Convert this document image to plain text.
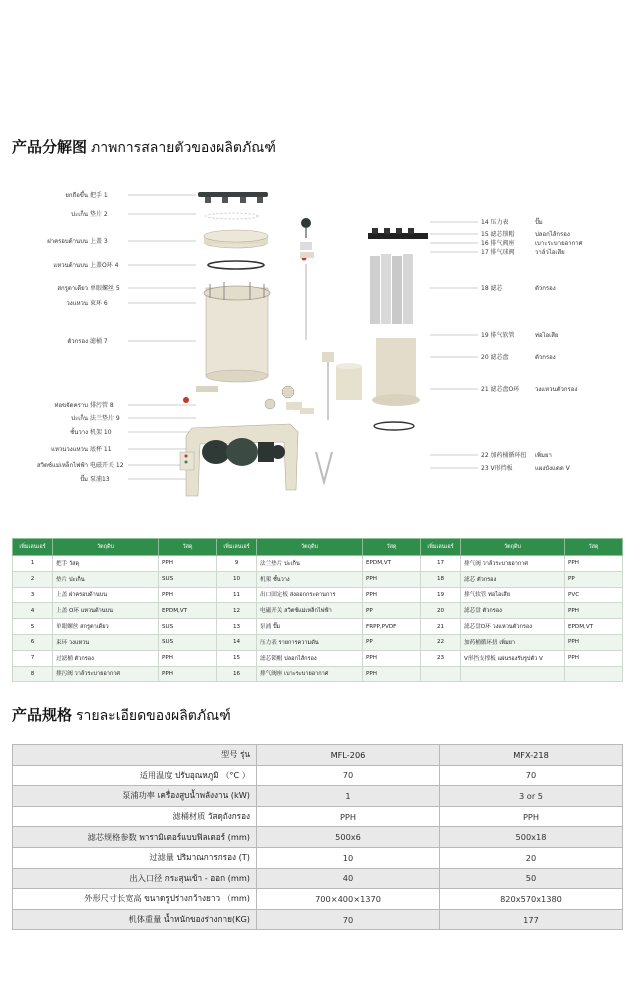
产品分解图 ภาพการสลายตัวของผลิตภัณฑ์
ยกถือขึ้น 把手 1
ปะเก็น 垫片 2
ฝาครอบด้านบน 上盖 3
แหวนด้านบน 上盖O环 4
สกรูตาเดียว 单眼螺丝 5
วงแหวน 束环 6
ตัวกรอง 滤桶 7
ท่อขจัดคราบ 排污管 8
ปะเก็น 法兰垫片 9
ชั้นวาง 机架 10
แหวนวงแหวน 底杯 11
สวิตช์แม่เหล็กไฟฟ้า 电磁开关 12
ปั๊ม 泵浦13
14 压力表	ปั๊ม
15 滤芯锁帽	ปลอกไส้กรอง
16 排气阀座	เบาะระบายอากาศ
17 排气球阀	วาล์วไอเสีย
18 滤芯	ตัวกรอง
19 排气软管	ท่อไอเสีย
20 滤芯盘	ตัวกรอง
21 滤芯盘O环	วงแหวนตัวกรอง
22 加药桶循环扭 เพิ่มยา
23 V形挡板	แผงบังแดด V
เพิ่มเลนเอร์	วัตถุดิบ	วัสดุ	เพิ่มเลนเอร์	วัตถุดิบ	วัสดุ	เพิ่มเลนเอร์	วัตถุดิบ	วัสดุ
1	把手 วัสดุ	PPH	9	法兰垫片 ปะเก็น	EPDM,VT	17	排气阀 วาล์วระบายอากาศ	PPH
2	垫片 ปะเก็น	SUS	10	机架 ชั้นวาง	PPH	18	滤芯 ตัวกรอง	PP
3	上盖 ฝาครอบด้านบน	PPH	11	出口固定板 ส่งออกกระดานการ	PPH	19	排气软管 ท่อไอเสีย	PVC
4	上盖 O环 แหวนด้านบน	EPDM,VT	12	电磁开关 สวิตช์แม่เหล็กไฟฟ้า	PP	20	滤芯盘 ตัวกรอง	PPH
5	单眼螺丝 สกรูตาเดียว	SUS	13	泵浦 ปั๊ม	FRPP,PVDF	21	滤芯盘O环 วงแหวนตัวกรอง	EPDM,VT
6	束环 วงแหวน	SUS	14	压力表 รายการความดัน	PP	22	加药桶循环扭 เพิ่มยา	PPH
7	过滤桶 ตัวกรอง	PPH	15	滤芯锁帽 ปลอกไส้กรอง	PPH	23	V形挡支撑板 แผ่นรองรับรูปตัว V	PPH
8	排污阀 วาล์วระบายอากาศ	PPH	16	排气阀座 เบาะระบายอากาศ	PPH			
产品规格 รายละเอียดของผลิตภัณฑ์
型号 รุ่น	MFL-206	MFX-218
适用温度 ปรับอุณหภูมิ （°C ）	70	70
泵浦功率 เครื่องสูบน้ำพลังงาน (kW)	1	3 or 5
滤桶材质 วัสดุถังกรอง	PPH	PPH
滤芯规格参数 พารามิเตอร์แบบฟิลเตอร์ (mm)	500x6	500x18
过滤量 ปริมาณการกรอง (T)	10	20
出入口径 กระสุนเข้า - ออก (mm)	40	50
外形尺寸长宽高 ขนาดรูปร่างกว้างยาว （mm)	700×400×1370	820x570x1380
机体重量 น้ำหนักของร่างกาย(KG)	70	177
